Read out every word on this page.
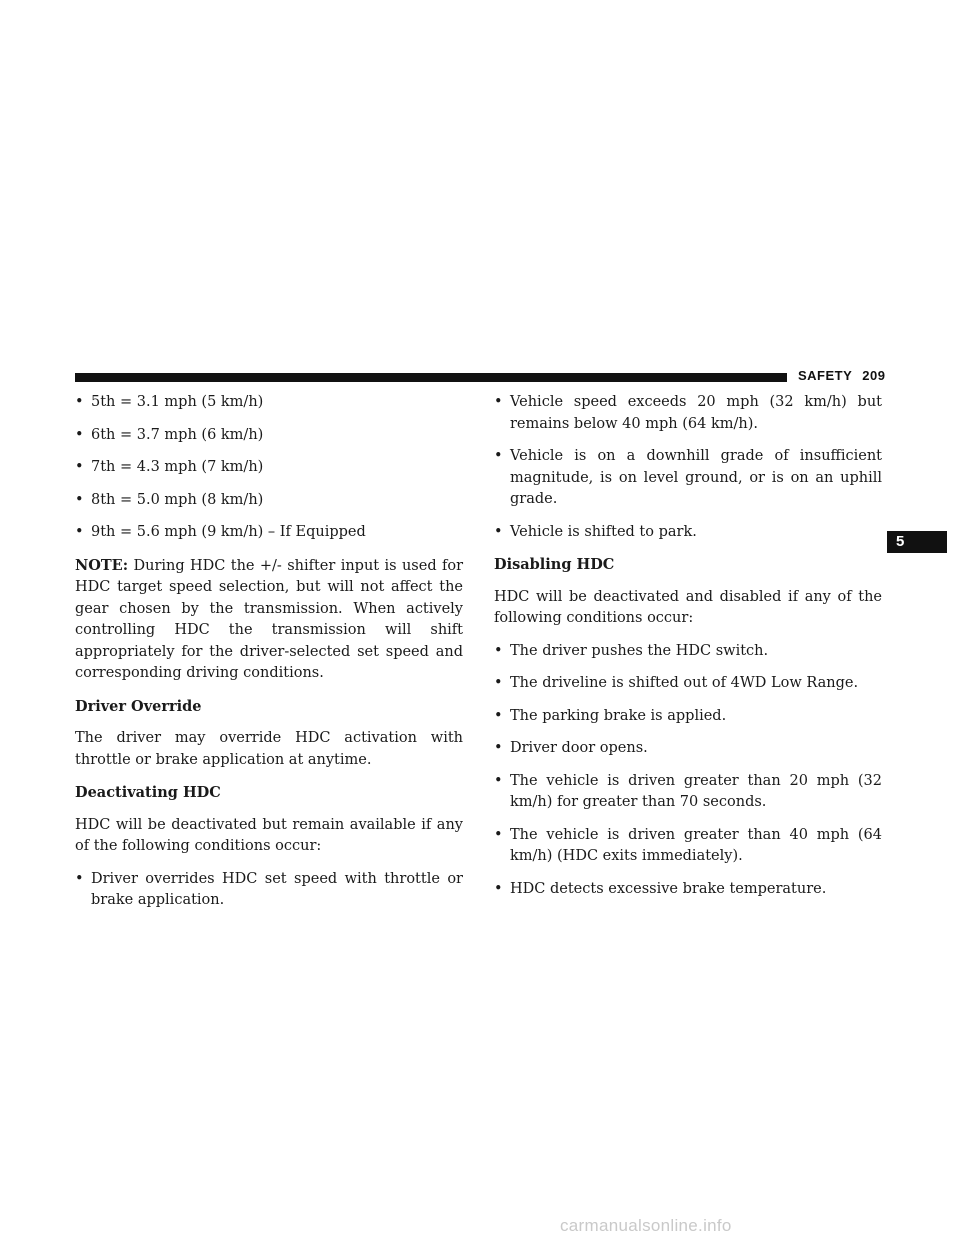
SAFETY 209
5
• 5th = 3.1 mph (5 km/h)
• 6th = 3.7 mph (6 km/h)
• 7th = 4.3 mph (7 km/h)
• 8th = 5.0 mph (8 km/h)
• 9th = 5.6 mph (9 km/h) – If Equipped

NOTE: During HDC the +/- shifter input is used for HDC target speed selection, but will not affect the gear chosen by the transmission. When actively controlling HDC the transmission will shift appropriately for the driver-selected set speed and corresponding driving conditions.

Driver Override

The driver may override HDC activation with throttle or brake application at anytime.

Deactivating HDC

HDC will be deactivated but remain available if any of the following conditions occur:

• Driver overrides HDC set speed with throttle or brake application.
• Vehicle speed exceeds 20 mph (32 km/h) but remains below 40 mph (64 km/h).
• Vehicle is on a downhill grade of insufficient magnitude, is on level ground, or is on an uphill grade.
• Vehicle is shifted to park.
Disabling HDC

HDC will be deactivated and disabled if any of the following conditions occur:

• The driver pushes the HDC switch.
• The driveline is shifted out of 4WD Low Range.
• The parking brake is applied.
• Driver door opens.
• The vehicle is driven greater than 20 mph (32 km/h) for greater than 70 seconds.
• The vehicle is driven greater than 40 mph (64 km/h) (HDC exits immediately).
• HDC detects excessive brake temperature.
carmanualsonline.info
